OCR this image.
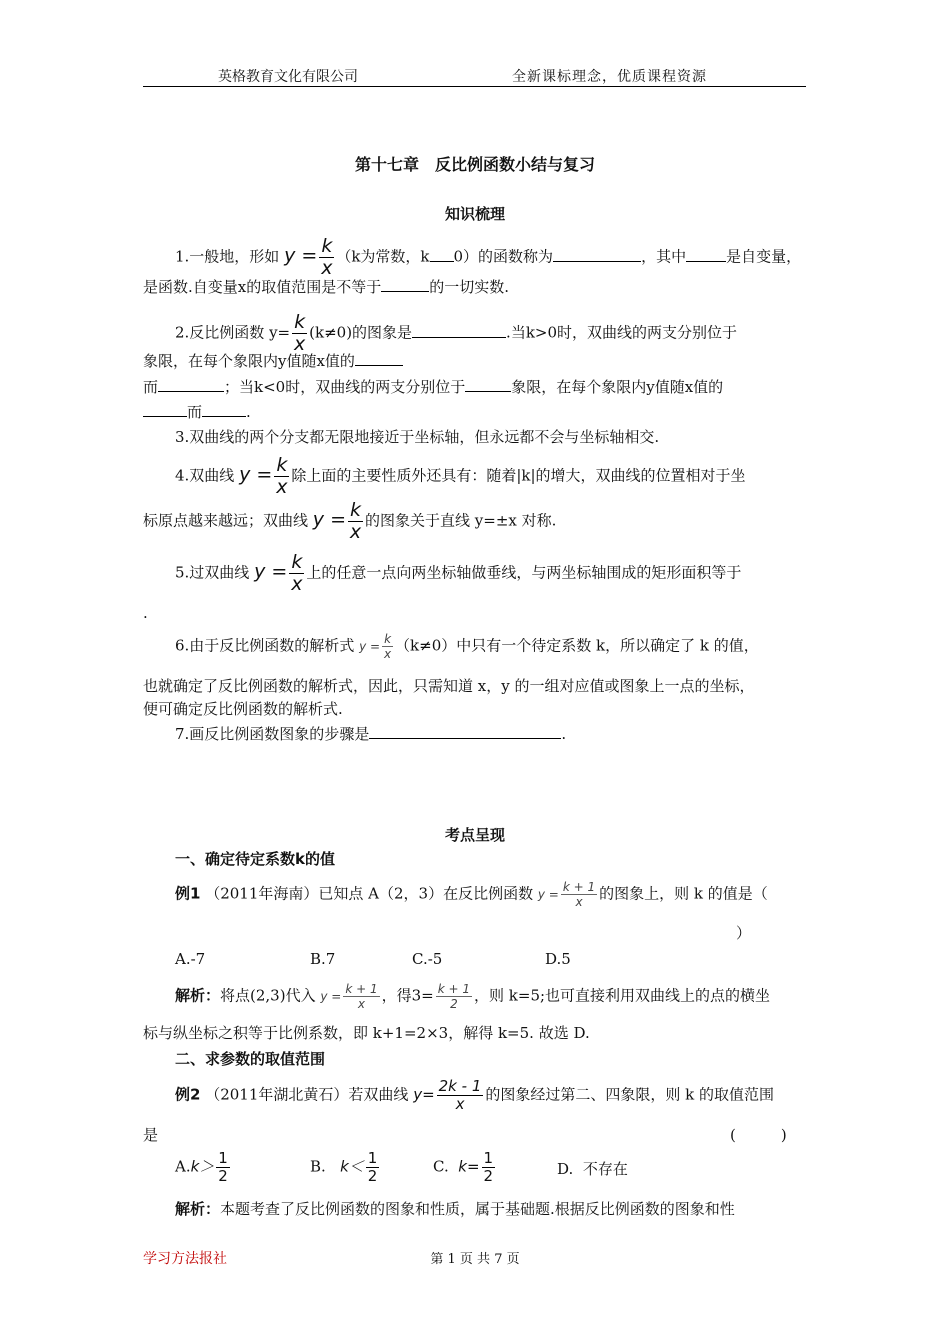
英格教育文化有限公司	全新课标理念，优质课程资源
第十七章　反比例函数小结与复习
知识梳理
1.一般地，形如 $y = \frac{k}{x} (k$为常数，k 0）的函数称为	，其中	是自变量，
是函数.自变量x的取值范围是不等于	的一切实数.
2.反比例函数 $y= \frac{k}{x} (k\ne 0)$的图象是	.当k>0时，双曲线的两支分别位于
象限，在每个象限内y值随x值的
而	；当k<0时，双曲线的两支分别位于	象限，在每个象限内y值随x值的
而	.
3.双曲线的两个分支都无限地接近于坐标轴，但永远都不会与坐标轴相交.
4.双曲线 $y = \frac{k}{x}$ 除上面的主要性质外还具有：随着|k|的增大，双曲线的位置相对于坐
标原点越来越远；双曲线 $y = \frac{k}{x}$ 的图象关于直线 y=±x 对称.
5.过双曲线 $y = \frac{k}{x}$ 上的任意一点向两坐标轴做垂线，与两坐标轴围成的矩形面积等于
.
6.由于反比例函数的解析式 $y = \frac{k}{x} (k\ne 0)$中只有一个待定系数 k，所以确定了 k 的值，
也就确定了反比例函数的解析式，因此，只需知道 x，y 的一组对应值或图象上一点的坐标，
便可确定反比例函数的解析式.
7.画反比例函数图象的步骤是	.
考点呈现
一、确定待定系数k的值
例1 （2011年海南）已知点 A（2，3）在反比例函数 $y = \frac{k + 1}{x}$ 的图象上，则 k 的值是（
）
A.-7	B.7	C.-5	D.5
解析：将点(2,3)代入 $y = \frac{k + 1}{x}$ ，得$3= \frac{k + 1}{2}$ ，则 k=5;也可直接利用双曲线上的点的横坐
标与纵坐标之积等于比例系数，即 k+1=2×3，解得 k=5. 故选 D.
二、求参数的取值范围
例2 （2011年湖北黄石）若双曲线 $y= \frac{2k - 1}{x}$ 的图象经过第二、四象限，则 k 的取值范围
是	(　　　)
$A.k> \frac{1}{2}$	B. $k< \frac{1}{2}$	C. $k= \frac{1}{2}$	D. 不存在
解析：本题考查了反比例函数的图象和性质，属于基础题.根据反比例函数的图象和性
学习方法报社	第 1 页 共 7 页
